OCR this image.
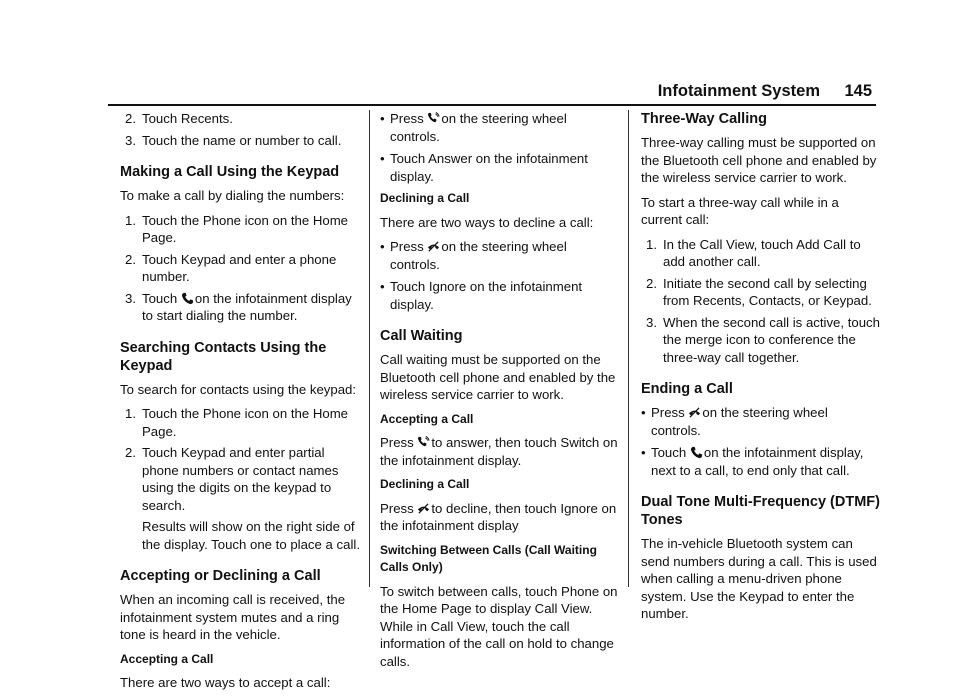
Infotainment System 145
2. Touch Recents.
3. Touch the name or number to call.
Making a Call Using the Keypad

To make a call by dialing the numbers:

1. Touch the Phone icon on the Home Page.
2. Touch Keypad and enter a phone number.
3. Touch on the infotainment display to start dialing the number.
Searching Contacts Using the Keypad

To search for contacts using the keypad:

1. Touch the Phone icon on the Home Page.
2. Touch Keypad and enter partial phone numbers or contact names using the digits on the keypad to search.

Results will show on the right side of the display. Touch one to place a call.

Accepting or Declining a Call

When an incoming call is received, the infotainment system mutes and a ring tone is heard in the vehicle.

Accepting a Call

There are two ways to accept a call:

• Press on the steering wheel controls.
• Touch Answer on the infotainment display.

Declining a Call

There are two ways to decline a call:

• Press on the steering wheel controls.
• Touch Ignore on the infotainment display.
Call Waiting

Call waiting must be supported on the Bluetooth cell phone and enabled by the wireless service carrier to work.

Accepting a Call

Press to answer, then touch Switch on the infotainment display.

Declining a Call

Press to decline, then touch Ignore on the infotainment display

Switching Between Calls (Call Waiting Calls Only)

To switch between calls, touch Phone on the Home Page to display Call View. While in Call View, touch the call information of the call on hold to change calls.

Three-Way Calling

Three-way calling must be supported on the Bluetooth cell phone and enabled by the wireless service carrier to work.

To start a three-way call while in a current call:

1. In the Call View, touch Add Call to add another call.
2. Initiate the second call by selecting from Recents, Contacts, or Keypad.
3. When the second call is active, touch the merge icon to conference the three-way call together.
Ending a Call
• Press on the steering wheel controls.
• Touch on the infotainment display, next to a call, to end only that call.
Dual Tone Multi-Frequency (DTMF) Tones

The in-vehicle Bluetooth system can send numbers during a call. This is used when calling a menu-driven phone system. Use the Keypad to enter the number.
